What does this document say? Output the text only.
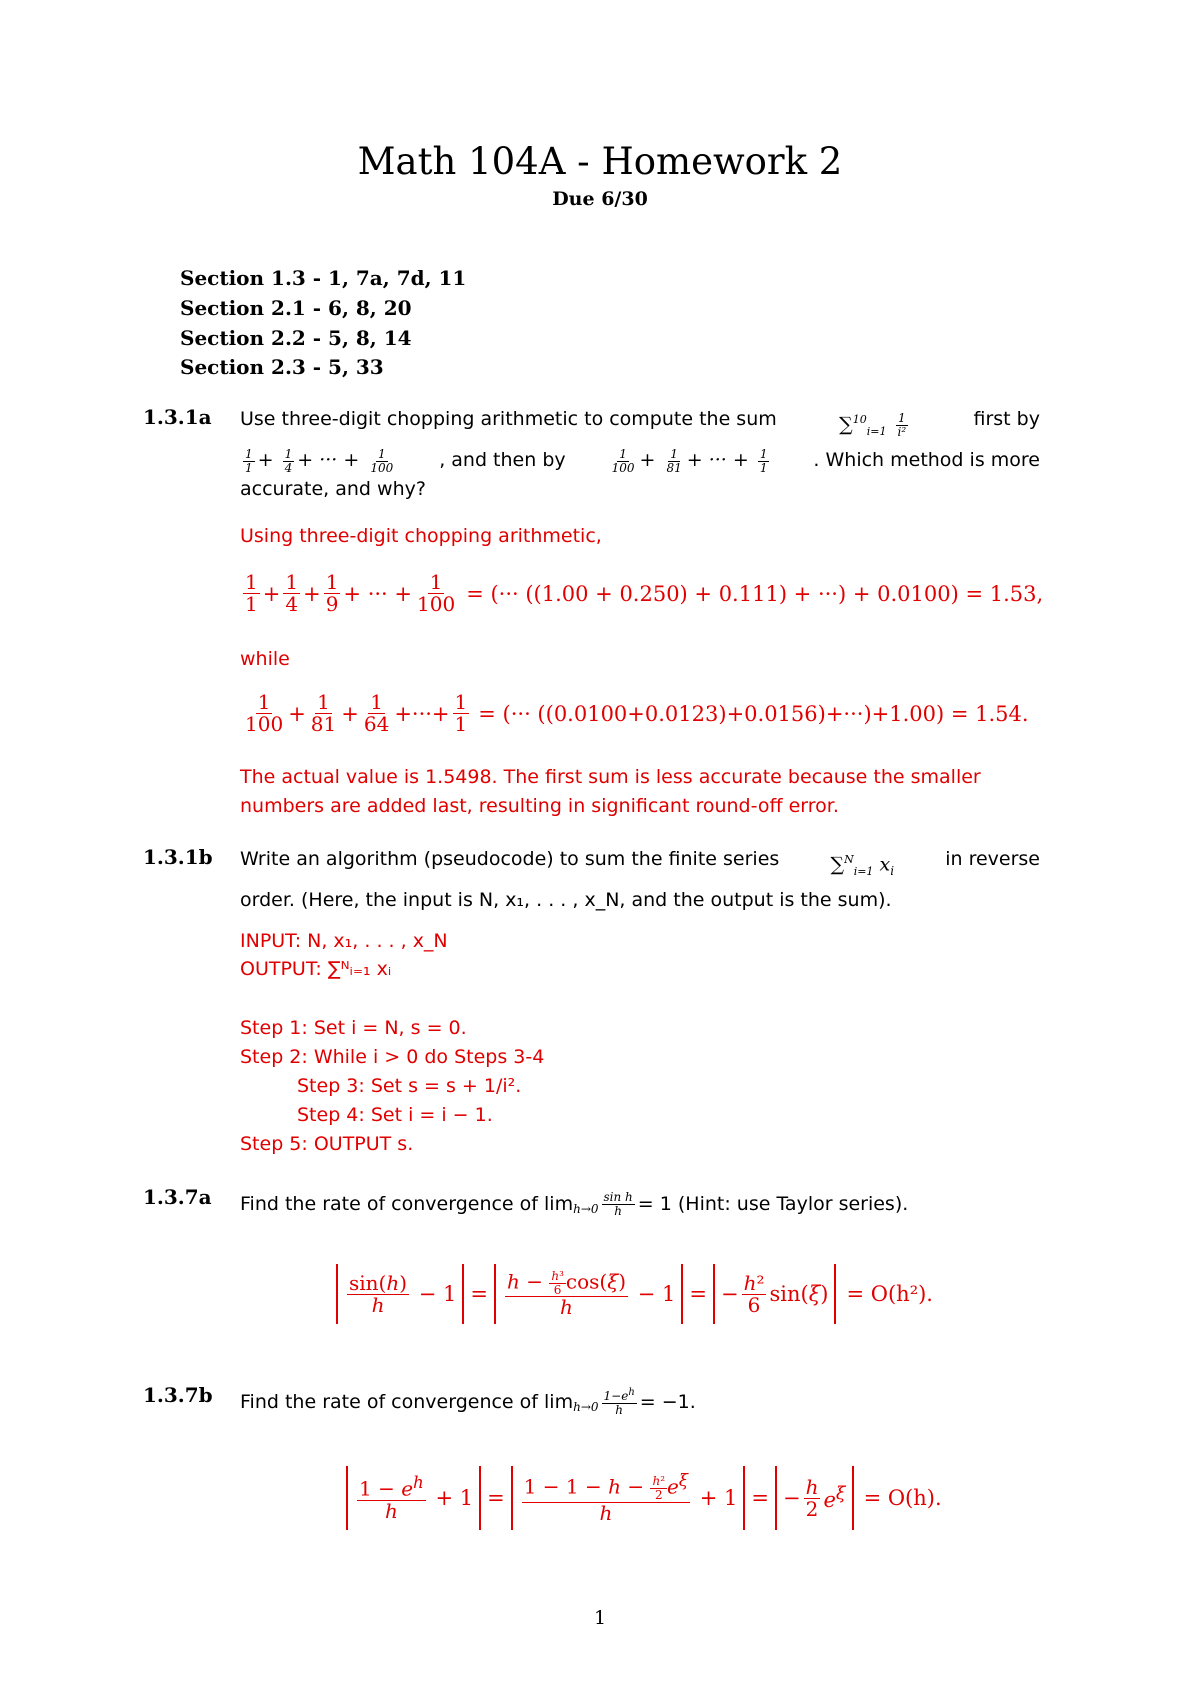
Math 104A - Homework 2
Due 6/30
Section 1.3 - 1, 7a, 7d, 11
Section 2.1 - 6, 8, 20
Section 2.2 - 5, 8, 14
Section 2.3 - 5, 33
1.3.1a Use three-digit chopping arithmetic to compute the sum	$\sum^{10}_{i=1} \frac{1}{\text{i²}}$	first by
$\frac{1}{1} + \frac{1}{4}$ + ··· + $\frac{1}{100}$ , and then by	$\frac{1}{100} + \frac{1}{81}$ + ··· + $\frac{1}{1}$ . Which method is more
accurate, and why?
Using three-digit chopping arithmetic,
$\frac{1}{1} + \frac{1}{4} + \frac{1}{9}$ + ··· + $\frac{1}{100}$ = (··· ((1.00 + 0.250) + 0.111) + ···) + 0.0100) = 1.53,
while
$\frac{1}{100} + \frac{1}{81} + \frac{1}{64}$ +···+ $\frac{1}{1}$ = (··· ((0.0100+0.0123)+0.0156)+···)+1.00) = 1.54.
The actual value is 1.5498. The first sum is less accurate because the smaller
numbers are added last, resulting in significant round-off error.
1.3.1b Write an algorithm (pseudocode) to sum the finite series	∑$^N_{i=1}$ $x_i$
in reverse
order. (Here, the input is N, x₁, . . . , x_N, and the output is the sum).
INPUT: N, x₁, . . . , x_N
OUTPUT: ∑ᴺᵢ₌₁ xᵢ
Step 1: Set i = N, s = 0.
Step 2: While i > 0 do Steps 3-4
Step 3: Set s = s + 1/i².
Step 4: Set i = i − 1.
Step 5: OUTPUT s.
1.3.7a Find the rate of convergence of $\lim h\to 0 \frac{\text{sin h}}{h} = 1$ (Hint: use Taylor series).
$\frac{\sin(h)}{h} - 1 = \frac{h - \frac{\text{h³}}{6} \cos(\xi)}{h} - 1$ = − $\frac{\text{h²}}{6} \sin(\xi) = O(h^2)$.
1.3.7b Find the rate of convergence of $\lim h\to 0 \frac{1-e^h}{h} = -1$.
$\frac{1 - e^h}{h} + 1 = \frac{1 - 1 - h - \frac{\text{h²}}{2} e^\xi}{h} + 1$ = − $\frac{h}{2} e^\xi = O(h)$.
1
